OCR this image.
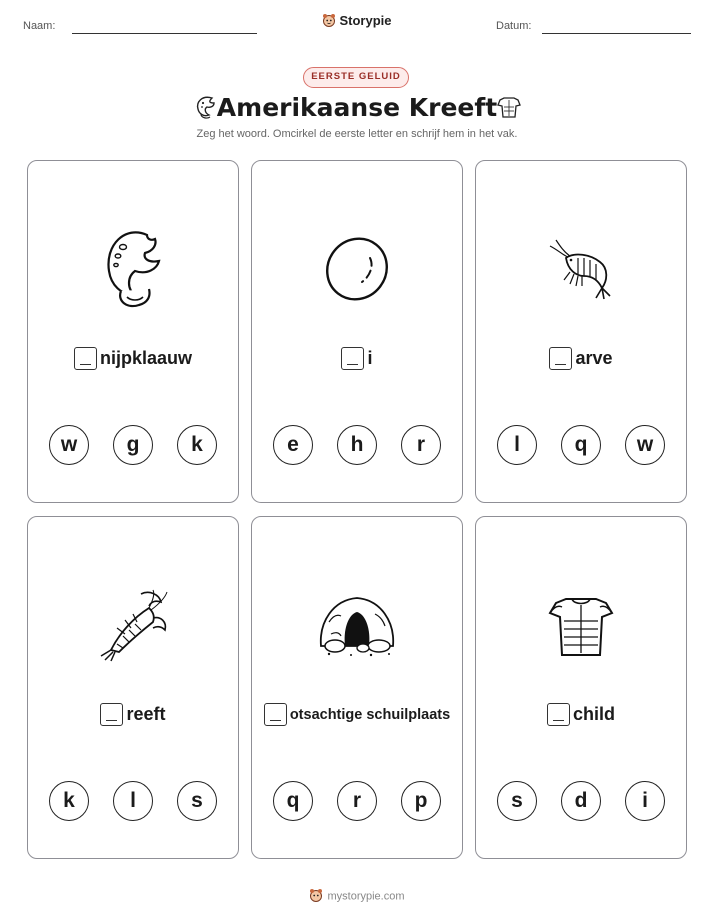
Naam:	Storypie	Datum:
EERSTE GELUID
Amerikaanse Kreeft
Zeg het woord. Omcirkel de eerste letter en schrijf hem in het vak.
nijpklaauw
w	g	k
i
e	h	r
arve
l	q	w
reeft
k	l	s
otsachtige schuilplaats
q	r	p
child
s	d	i
mystorypie.com
